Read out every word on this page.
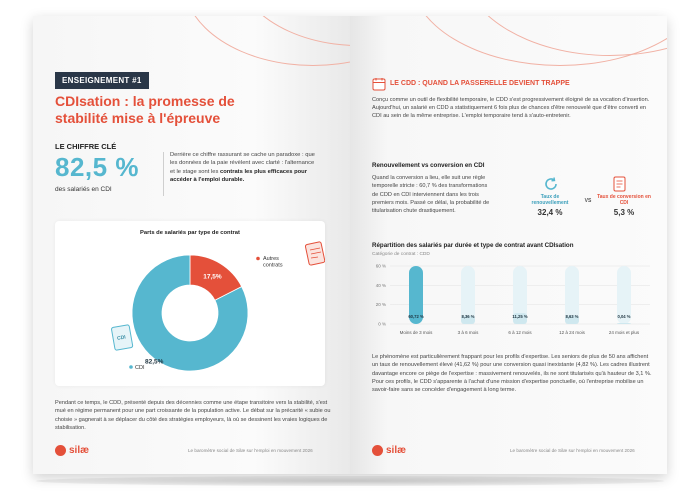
ENSEIGNEMENT #1
CDIsation : la promesse de stabilité mise à l'épreuve
LE CHIFFRE CLÉ
82,5 %
des salariés en CDI
Derrière ce chiffre rassurant se cache un paradoxe : que les données de la paie révèlent avec clarté : l'alternance et le stage sont les contrats les plus efficaces pour accéder à l'emploi durable.
Parts de salariés par type de contrat
CDI
17,5%
82,5%
Autres contrats
CDI
Pendant ce temps, le CDD, présenté depuis des décennies comme une étape transitoire vers la stabilité, s'est mué en régime permanent pour une part croissante de la population active. Le débat sur la précarité « subie ou choisie » gagnerait à se déplacer du côté des stratégies employeurs, là où se dessinent les vraies logiques de stabilisation.
silæ	Le baromètre social de Silæ sur l'emploi en mouvement 2026
LE CDD : QUAND LA PASSERELLE DEVIENT TRAPPE
Conçu comme un outil de flexibilité temporaire, le CDD s'est progressivement éloigné de sa vocation d'insertion. Aujourd'hui, un salarié en CDD a statistiquement 6 fois plus de chances d'être renouvelé que d'être converti en CDI au sein de la même entreprise. L'emploi temporaire tend à s'auto-entretenir.
Renouvellement vs conversion en CDI
Quand la conversion a lieu, elle suit une règle temporelle stricte : 60,7 % des transformations de CDD en CDI interviennent dans les trois premiers mois. Passé ce délai, la probabilité de titularisation chute drastiquement.
Taux de renouvellement
32,4 %
VS
Taux de conversion en CDI
5,3 %
Répartition des salariés par durée et type de contrat avant CDIsation
Catégorie de contrat : CDD
60 %
40 %
20 %
0 %
60,72 %
Moins de 3 mois
8,36 %
3 à 6 mois
11,25 %
6 à 12 mois
8,63 %
12 à 24 mois
0,04 %
24 mois et plus
Le phénomène est particulièrement frappant pour les profils d'expertise. Les seniors de plus de 50 ans affichent un taux de renouvellement élevé (41,62 %) pour une conversion quasi inexistante (4,82 %). Les cadres illustrent davantage encore ce piège de l'expertise : massivement renouvelés, ils ne sont titularisés qu'à hauteur de 3,1 %. Pour ces profils, le CDD s'apparente à l'achat d'une mission d'expertise ponctuelle, où l'entreprise mobilise un savoir-faire sans se concéder d'engagement à long terme.
silæ	Le baromètre social de Silæ sur l'emploi en mouvement 2026
